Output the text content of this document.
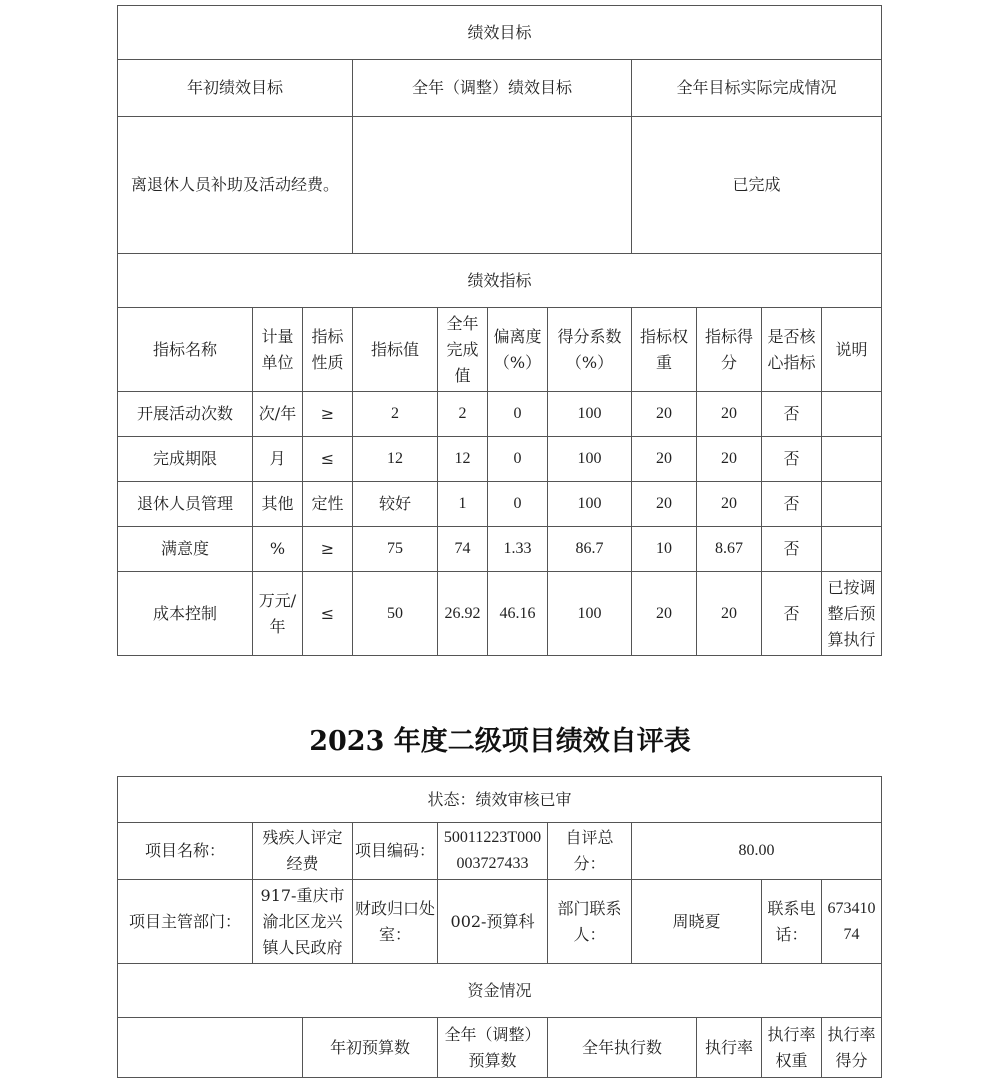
绩效目标										
年初绩效目标			全年（调整）绩效目标				全年目标实际完成情况			
离退休人员补助及活动经费。							已完成			
绩效指标										
指标名称	计量单位	指标性质	指标值	全年完成值	偏离度（%）	得分系数（%）	指标权重	指标得分	是否核心指标	说明
开展活动次数	次/年	≥	2	2	0	100	20	20	否	
完成期限	月	≤	12	12	0	100	20	20	否	
退休人员管理	其他	定性	较好	1	0	100	20	20	否	
满意度	%	≥	75	74	1.33	86.7	10	8.67	否	
成本控制	万元/年	≤	50	26.92	46.16	100	20	20	否	已按调整后预算执行
2023 年度二级项目绩效自评表
状态：绩效审核已审									
项目名称：	残疾人评定经费		项目编码：	50011223T000003727433	自评总分：	80.00			
项目主管部门：	917-重庆市渝北区龙兴镇人民政府		财政归口处室：	002-预算科	部门联系人：	周晓夏		联系电话：	67341074
资金情况									
		年初预算数		全年（调整）预算数	全年执行数		执行率	执行率权重	执行率得分
